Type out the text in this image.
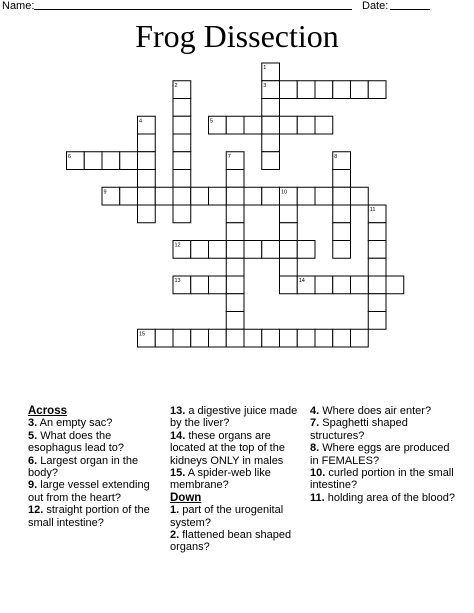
Name:	Date:
Frog Dissection
1
2	3
4	5
6	7	8
9	10
11
12
13	14
15
Across

3. An empty sac?

5. What does the esophagus lead to?

6. Largest organ in the body?

9. large vessel extending out from the heart?

12. straight portion of the small intestine?

13. a digestive juice made by the liver?

14. these organs are located at the top of the kidneys ONLY in males

15. A spider-web like membrane?

Down

1. part of the urogenital system?

2. flattened bean shaped organs?

4. Where does air enter?

7. Spaghetti shaped structures?

8. Where eggs are produced in FEMALES?

10. curled portion in the small intestine?

11. holding area of the blood?
